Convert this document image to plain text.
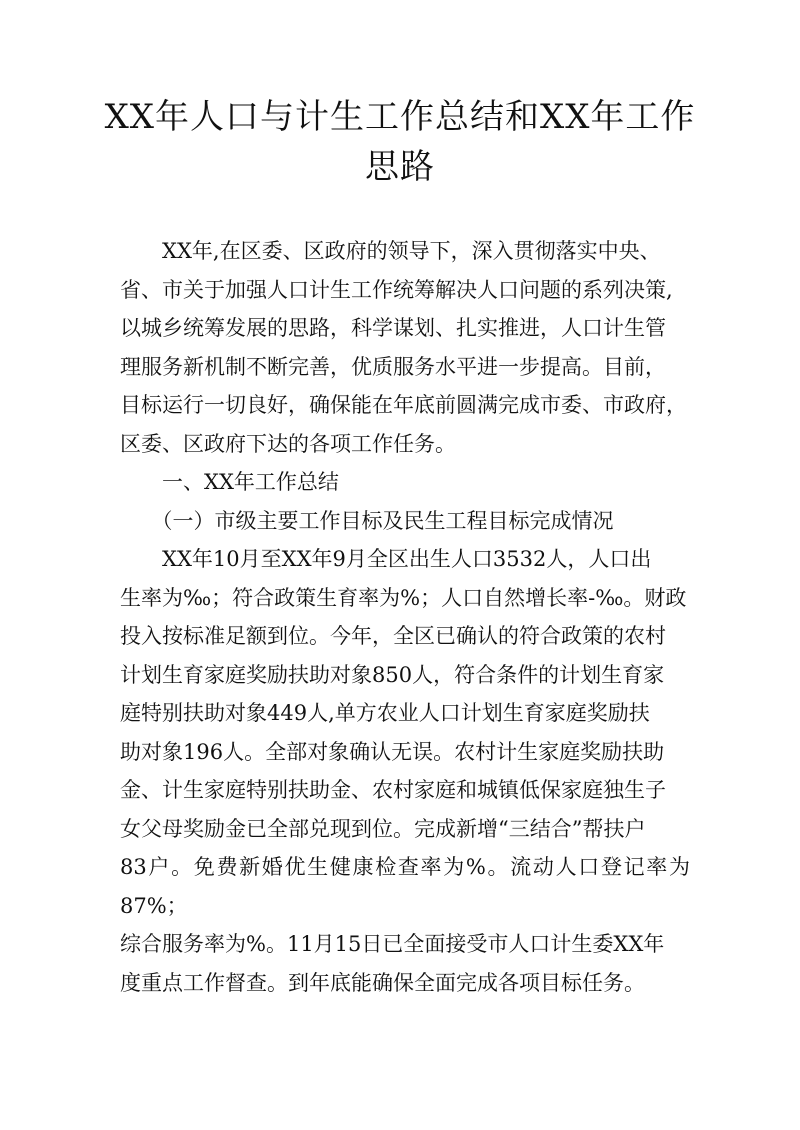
XX年人口与计生工作总结和XX年工作
思路

　　XX年,在区委、区政府的领导下，深入贯彻落实中央、

省、市关于加强人口计生工作统筹解决人口问题的系列决策,

以城乡统筹发展的思路，科学谋划、扎实推进，人口计生管

理服务新机制不断完善，优质服务水平进一步提高。目前，

目标运行一切良好，确保能在年底前圆满完成市委、市政府，

区委、区政府下达的各项工作任务。

　　一、XX年工作总结

　　（一）市级主要工作目标及民生工程目标完成情况

　　XX年10月至XX年9月全区出生人口3532人，人口出

生率为‰；符合政策生育率为%；人口自然增长率-‰。财政

投入按标准足额到位。今年，全区已确认的符合政策的农村

计划生育家庭奖励扶助对象850人，符合条件的计划生育家

庭特别扶助对象449人,单方农业人口计划生育家庭奖励扶

助对象196人。全部对象确认无误。农村计生家庭奖励扶助

金、计生家庭特别扶助金、农村家庭和城镇低保家庭独生子

女父母奖励金已全部兑现到位。完成新增“三结合”帮扶户

83户。免费新婚优生健康检查率为%。流动人口登记率为87%；

综合服务率为%。11月15日已全面接受市人口计生委XX年

度重点工作督查。到年底能确保全面完成各项目标任务。
